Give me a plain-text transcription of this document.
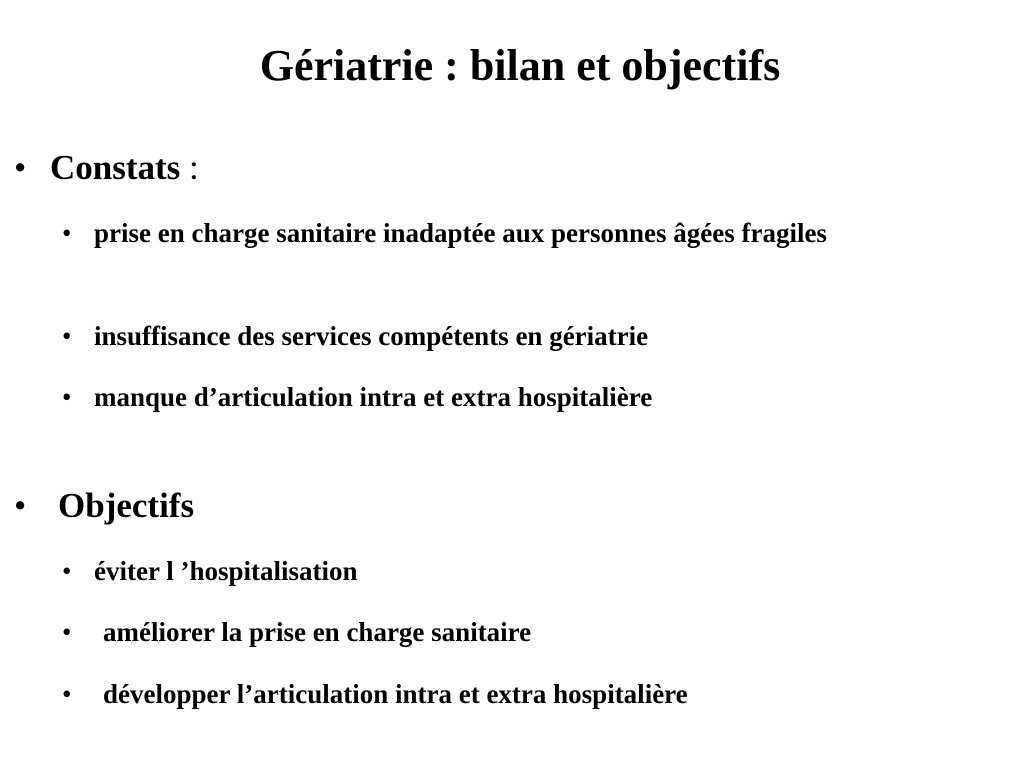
Gériatrie : bilan et objectifs
• Constats :
• prise en charge sanitaire inadaptée aux personnes âgées fragiles
• insuffisance des services compétents en gériatrie
• manque d’articulation intra et extra hospitalière
• Objectifs
• éviter l ’hospitalisation
• améliorer la prise en charge sanitaire
• développer l’articulation intra et extra hospitalière
